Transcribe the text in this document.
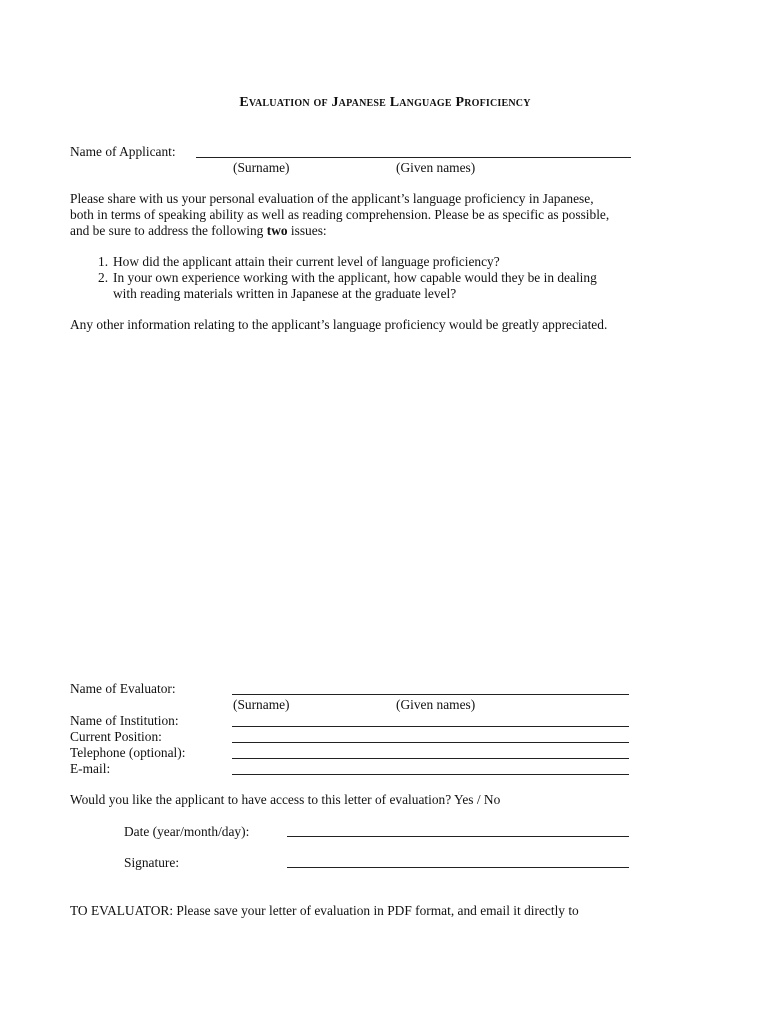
Evaluation of Japanese Language Proficiency
Name of Applicant:
(Surname)	(Given names)

Please share with us your personal evaluation of the applicant’s language proficiency in Japanese,

both in terms of speaking ability as well as reading comprehension. Please be as specific as possible,

and be sure to address the following two issues:

1. How did the applicant attain their current level of language proficiency?
2. In your own experience working with the applicant, how capable would they be in dealing
with reading materials written in Japanese at the graduate level?
Any other information relating to the applicant’s language proficiency would be greatly appreciated.
Name of Evaluator:
(Surname)	(Given names)
Name of Institution:
Current Position:
Telephone (optional):
E-mail:
Would you like the applicant to have access to this letter of evaluation? Yes / No
Date (year/month/day):
Signature:
TO EVALUATOR: Please save your letter of evaluation in PDF format, and email it directly to
